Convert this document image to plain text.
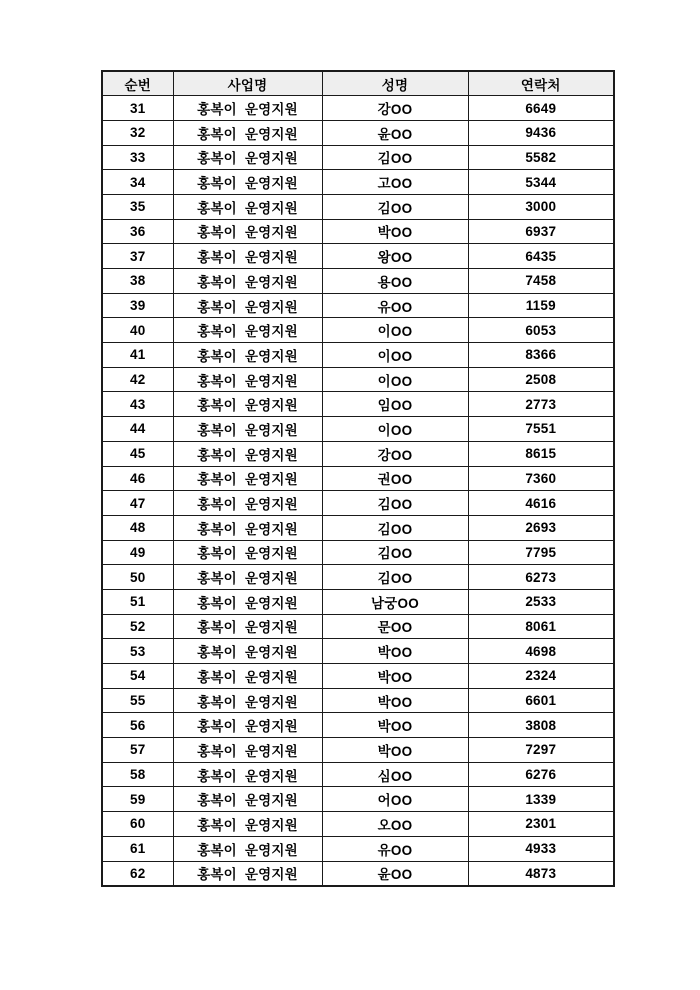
순번	사업명	성명	연락처
31	홍복이 운영지원	강OO	6649
32	홍복이 운영지원	윤OO	9436
33	홍복이 운영지원	김OO	5582
34	홍복이 운영지원	고OO	5344
35	홍복이 운영지원	김OO	3000
36	홍복이 운영지원	박OO	6937
37	홍복이 운영지원	왕OO	6435
38	홍복이 운영지원	용OO	7458
39	홍복이 운영지원	유OO	1159
40	홍복이 운영지원	이OO	6053
41	홍복이 운영지원	이OO	8366
42	홍복이 운영지원	이OO	2508
43	홍복이 운영지원	임OO	2773
44	홍복이 운영지원	이OO	7551
45	홍복이 운영지원	강OO	8615
46	홍복이 운영지원	권OO	7360
47	홍복이 운영지원	김OO	4616
48	홍복이 운영지원	김OO	2693
49	홍복이 운영지원	김OO	7795
50	홍복이 운영지원	김OO	6273
51	홍복이 운영지원	남궁OO	2533
52	홍복이 운영지원	문OO	8061
53	홍복이 운영지원	박OO	4698
54	홍복이 운영지원	박OO	2324
55	홍복이 운영지원	박OO	6601
56	홍복이 운영지원	박OO	3808
57	홍복이 운영지원	박OO	7297
58	홍복이 운영지원	심OO	6276
59	홍복이 운영지원	어OO	1339
60	홍복이 운영지원	오OO	2301
61	홍복이 운영지원	유OO	4933
62	홍복이 운영지원	윤OO	4873
